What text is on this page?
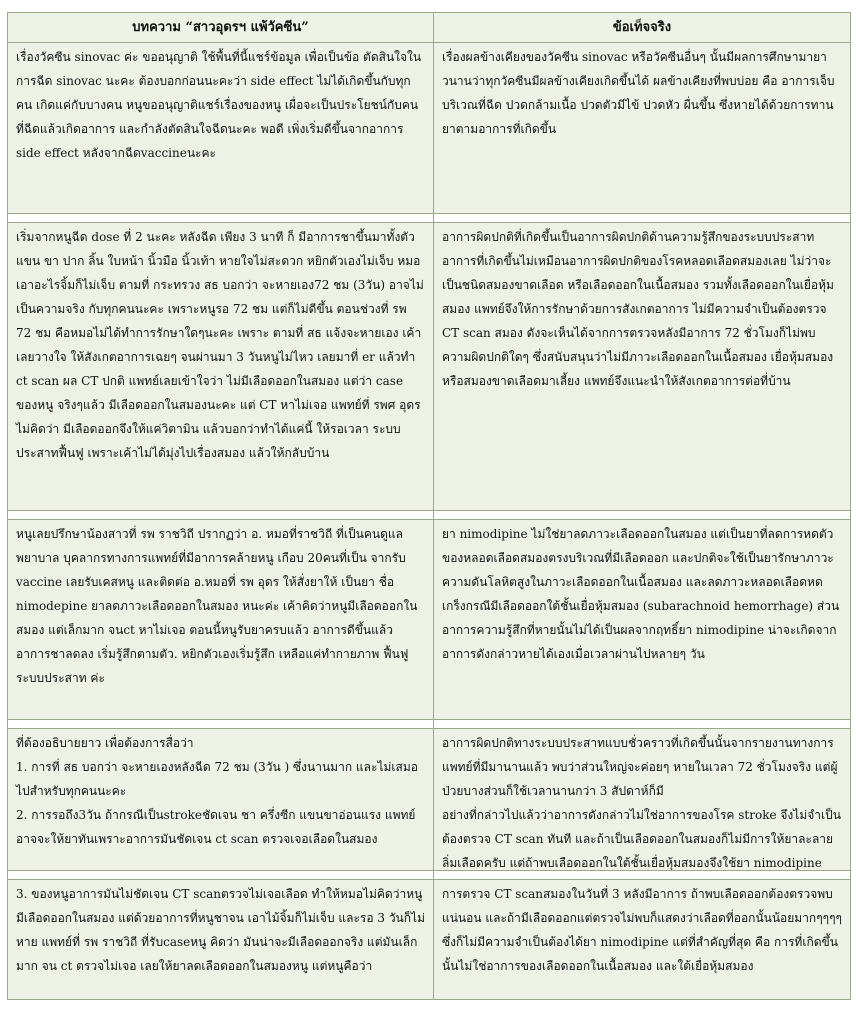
บทความ “สาวอุดรฯ แพ้วัคซีน”	ข้อเท็จจริง

เรื่องวัคซีน sinovac ค่ะ ขออนุญาติ ใช้พื้นที่นี้แชร์ข้อมูล เพื่อเป็นข้อ ตัดสินใจในการฉีด sinovac นะคะ ต้องบอกก่อนนะคะว่า side effect ไม่ได้เกิดขึ้นกับทุกคน เกิดแค่กับบางคน หนูขออนุญาติแชร์เรื่องของหนู เผื่อจะเป็นประโยชน์กับคนที่ฉีดแล้วเกิดอาการ และกำลังตัดสินใจฉีดนะคะ พอดี เพิ่งเริ่มดีขึ้นจากอาการ side effect หลังจากฉีดvaccineนะคะ

เรื่องผลข้างเคียงของวัคซีน sinovac หรือวัคซีนอื่นๆ นั้นมีผลการศึกษามายาวนานว่าทุกวัคซีนมีผลข้างเคียงเกิดขึ้นได้ ผลข้างเคียงที่พบบ่อย คือ อาการเจ็บบริเวณที่ฉีด ปวดกล้ามเนื้อ ปวดตัวมีไข้ ปวดหัว ผื่นขึ้น ซึ่งหายได้ด้วยการทานยาตามอาการที่เกิดขึ้น

เริ่มจากหนูฉีด dose ที่ 2 นะคะ หลังฉีด เพียง 3 นาที ก็ มีอาการชาขึ้นมาทั้งตัว แขน ขา ปาก ลิ้น ใบหน้า นิ้วมือ นิ้วเท้า หายใจไม่สะดวก หยิกตัวเองไม่เจ็บ หมอเอาอะไรจิ้มก็ไม่เจ็บ ตามที่ กระทรวง สธ บอกว่า จะหายเอง72 ชม (3วัน) อาจไม่เป็นความจริง กับทุกคนนะคะ เพราะหนูรอ 72 ชม แต่ก็ไม่ดีขึ้น ตอนช่วงที่ รพ 72 ชม คือหมอไม่ได้ทำการรักษาใดๆนะคะ เพราะ ตามที่ สธ แจ้งจะหายเอง เค้าเลยวางใจ ให้สังเกตอาการเฉยๆ จนผ่านมา 3 วันหนูไม่ไหว เลยมาที่ er แล้วทำ ct scan ผล CT ปกติ แพทย์เลยเข้าใจว่า ไม่มีเลือดออกในสมอง แต่ว่า case ของหนู จริงๆแล้ว มีเลือดออกในสมองนะคะ แต่ CT หาไม่เจอ แพทย์ที่ รพศ อุดร ไม่คิดว่า มีเลือดออกจึงให้แค่วิตามิน แล้วบอกว่าทำได้แค่นี้ ให้รอเวลา ระบบประสาทฟื้นฟู เพราะเค้าไม่ได้มุ่งไปเรื่องสมอง แล้วให้กลับบ้าน

อาการผิดปกติที่เกิดขึ้นเป็นอาการผิดปกติด้านความรู้สึกของระบบประสาท อาการที่เกิดขึ้นไม่เหมือนอาการผิดปกติของโรคหลอดเลือดสมองเลย ไม่ว่าจะเป็นชนิดสมองขาดเลือด หรือเลือดออกในเนื้อสมอง รวมทั้งเลือดออกในเยื่อหุ้มสมอง แพทย์จึงให้การรักษาด้วยการสังเกตอาการ ไม่มีความจำเป็นต้องตรวจ CT scan สมอง ดังจะเห็นได้จากการตรวจหลังมีอาการ 72 ชั่วโมงก็ไม่พบความผิดปกติใดๆ ซึ่งสนับสนุนว่าไม่มีภาวะเลือดออกในเนื้อสมอง เยื่อหุ้มสมอง หรือสมองขาดเลือดมาเลี้ยง แพทย์จึงแนะนำให้สังเกตอาการต่อที่บ้าน

หนูเลยปรึกษาน้องสาวที่ รพ ราชวิถี ปรากฏว่า อ. หมอที่ราชวิถี ที่เป็นคนดูแลพยาบาล บุคลากรทางการแพทย์ที่มีอาการคล้ายหนู เกือบ 20คนที่เป็น จากรับ vaccine เลยรับเคสหนู และติดต่อ อ.หมอที่ รพ อุดร ให้สั่งยาให้ เป็นยา ชื่อ nimodepine ยาลดภาวะเลือดออกในสมอง หนะค่ะ เค้าคิดว่าหนูมีเลือดออกในสมอง แต่เล็กมาก จนct หาไม่เจอ ตอนนี้หนูรับยาครบแล้ว อาการดีขึ้นแล้ว อาการชาลดลง เริ่มรู้สึกตามตัว. หยิกตัวเองเริ่มรู้สึก เหลือแค่ทำกายภาพ ฟื้นฟูระบบประสาท ค่ะ

ยา nimodipine ไม่ใช่ยาลดภาวะเลือดออกในสมอง แต่เป็นยาที่ลดการหดตัวของหลอดเลือดสมองตรงบริเวณที่มีเลือดออก และปกติจะใช้เป็นยารักษาภาวะความดันโลหิตสูงในภาวะเลือดออกในเนื้อสมอง และลดภาวะหลอดเลือดหดเกร็งกรณีมีเลือดออกใต้ชั้นเยื่อหุ้มสมอง (subarachnoid hemorrhage) ส่วนอาการความรู้สึกที่หายนั้นไม่ได้เป็นผลจากฤทธิ์ยา nimodipine น่าจะเกิดจากอาการดังกล่าวหายได้เองเมื่อเวลาผ่านไปหลายๆ วัน

ที่ต้องอธิบายยาว เพื่อต้องการสื่อว่า
1. การที่ สธ บอกว่า จะหายเองหลังฉีด 72 ชม (3วัน ) ซึ่งนานมาก และไม่เสมอไปสำหรับทุกคนนะคะ
2. การรอถึง3วัน ถ้ากรณีเป็นstrokeชัดเจน ชา ครึ่งซีก แขนขาอ่อนแรง แพทย์อาจจะให้ยาทันเพราะอาการมันชัดเจน ct scan ตรวจเจอเลือดในสมอง

อาการผิดปกติทางระบบประสาทแบบชั่วคราวที่เกิดขึ้นนั้นจากรายงานทางการแพทย์ที่มีมานานแล้ว พบว่าส่วนใหญ่จะค่อยๆ หายในเวลา 72 ชั่วโมงจริง แต่ผู้ป่วยบางส่วนก็ใช้เวลานานกว่า 3 สัปดาห์ก็มี
อย่างที่กล่าวไปแล้วว่าอาการดังกล่าวไม่ใช่อาการของโรค stroke จึงไม่จำเป็นต้องตรวจ CT scan ทันที และถ้าเป็นเลือดออกในสมองก็ไม่มีการให้ยาละลายลิ่มเลือดครับ แต่ถ้าพบเลือดออกในใต้ชั้นเยื่อหุ้มสมองจึงใช้ยา nimodipine

3. ของหนูอาการมันไม่ชัดเจน CT scanตรวจไม่เจอเลือด ทำให้หมอไม่คิดว่าหนูมีเลือดออกในสมอง แต่ด้วยอาการที่หนูชาจน เอาไม้จิ้มก็ไม่เจ็บ และรอ 3 วันก็ไม่หาย แพทย์ที่ รพ ราชวิถี ที่รับcaseหนู คิดว่า มันน่าจะมีเลือดออกจริง แต่มันเล็กมาก จน ct ตรวจไม่เจอ เลยให้ยาลดเลือดออกในสมองหนู แต่หนูคือว่า

การตรวจ CT scanสมองในวันที่ 3 หลังมีอาการ ถ้าพบเลือดออกต้องตรวจพบแน่นอน และถ้ามีเลือดออกแต่ตรวจไม่พบก็แสดงว่าเลือดที่ออกนั้นน้อยมากๆๆๆๆ ซึ่งก็ไม่มีความจำเป็นต้องได้ยา nimodipine แต่ที่สำคัญที่สุด คือ การที่เกิดขึ้นนั้นไม่ใช่อาการของเลือดออกในเนื้อสมอง และใต้เยื่อหุ้มสมอง
